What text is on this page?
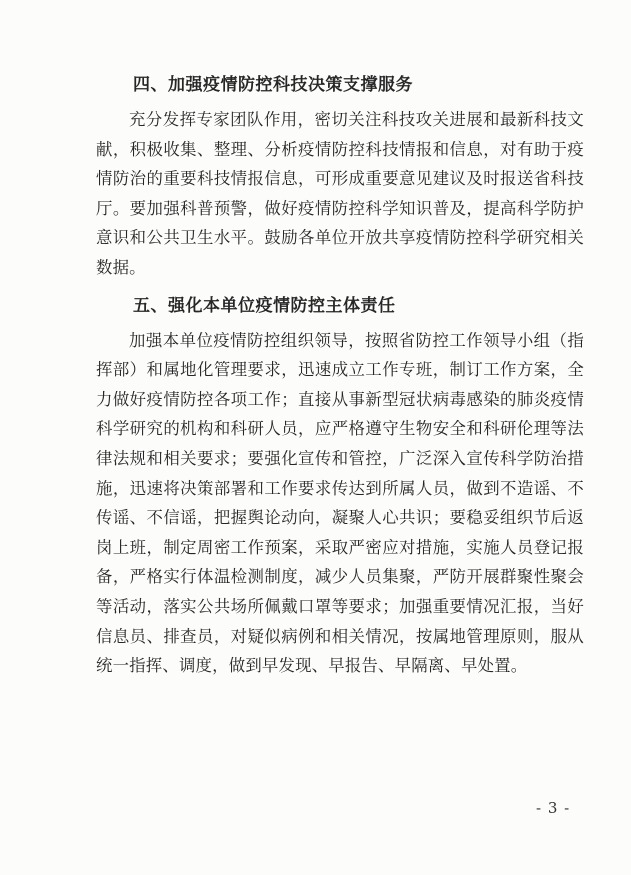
四、加强疫情防控科技决策支撑服务

充分发挥专家团队作用，密切关注科技攻关进展和最新科技文献，积极收集、整理、分析疫情防控科技情报和信息，对有助于疫情防治的重要科技情报信息，可形成重要意见建议及时报送省科技厅。要加强科普预警，做好疫情防控科学知识普及，提高科学防护意识和公共卫生水平。鼓励各单位开放共享疫情防控科学研究相关数据。

五、强化本单位疫情防控主体责任

加强本单位疫情防控组织领导，按照省防控工作领导小组（指挥部）和属地化管理要求，迅速成立工作专班，制订工作方案，全力做好疫情防控各项工作；直接从事新型冠状病毒感染的肺炎疫情科学研究的机构和科研人员，应严格遵守生物安全和科研伦理等法律法规和相关要求；要强化宣传和管控，广泛深入宣传科学防治措施，迅速将决策部署和工作要求传达到所属人员，做到不造谣、不传谣、不信谣，把握舆论动向，凝聚人心共识；要稳妥组织节后返岗上班，制定周密工作预案，采取严密应对措施，实施人员登记报备，严格实行体温检测制度，减少人员集聚，严防开展群聚性聚会等活动，落实公共场所佩戴口罩等要求；加强重要情况汇报，当好信息员、排查员，对疑似病例和相关情况，按属地管理原则，服从统一指挥、调度，做到早发现、早报告、早隔离、早处置。

- 3 -
